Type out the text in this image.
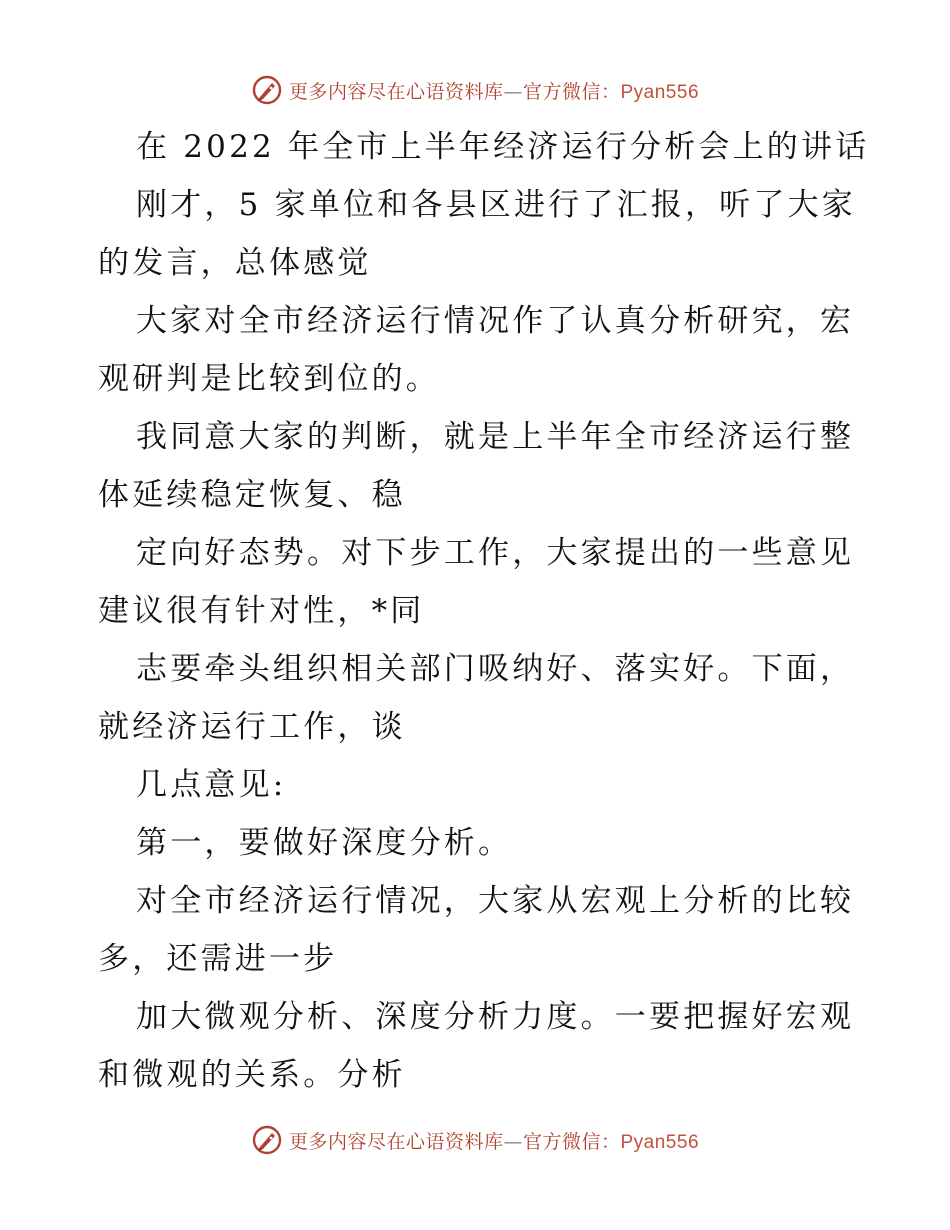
更多内容尽在心语资料库—官方微信：Pyan556
在 2022 年全市上半年经济运行分析会上的讲话
刚才，5 家单位和各县区进行了汇报，听了大家
的发言，总体感觉
大家对全市经济运行情况作了认真分析研究，宏
观研判是比较到位的。
我同意大家的判断，就是上半年全市经济运行整
体延续稳定恢复、稳
定向好态势。对下步工作，大家提出的一些意见
建议很有针对性，*同
志要牵头组织相关部门吸纳好、落实好。下面，
就经济运行工作，谈
几点意见:
第一，要做好深度分析。
对全市经济运行情况，大家从宏观上分析的比较
多，还需进一步
加大微观分析、深度分析力度。一要把握好宏观
和微观的关系。分析
更多内容尽在心语资料库—官方微信：Pyan556
